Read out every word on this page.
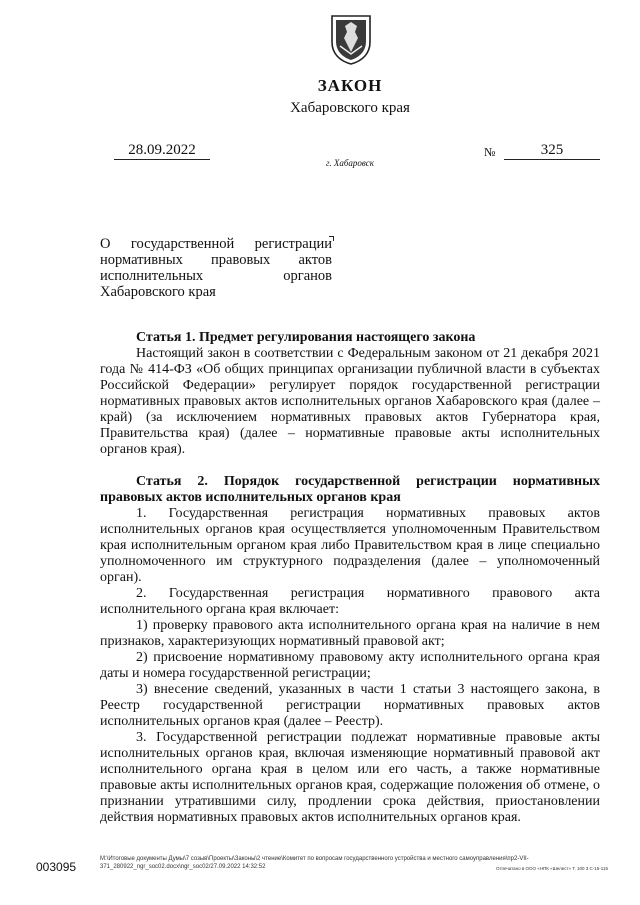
ЗАКОН
Хабаровского края
28.09.2022	№	325
г. Хабаровск
О государственной регистрации
нормативных правовых актов
исполнительных	органов
Хабаровского края
Статья 1. Предмет регулирования настоящего закона

Настоящий закон в соответствии с Федеральным законом от 21 декабря 2021 года № 414-ФЗ «Об общих принципах организации публичной власти в субъектах Российской Федерации» регулирует порядок государственной регистрации нормативных правовых актов исполнительных органов Хабаровского края (далее – край) (за исключением нормативных правовых актов Губернатора края, Правительства края) (далее – нормативные правовые акты исполнительных органов края).

Статья 2. Порядок государственной регистрации нормативных правовых актов исполнительных органов края

1. Государственная регистрация нормативных правовых актов исполнительных органов края осуществляется уполномоченным Правительством края исполнительным органом края либо Правительством края в лице специально уполномоченного им структурного подразделения (далее – уполномоченный орган).

2. Государственная регистрация нормативного правового акта исполнительного органа края включает:

1) проверку правового акта исполнительного органа края на наличие в нем признаков, характеризующих нормативный правовой акт;

2) присвоение нормативному правовому акту исполнительного органа края даты и номера государственной регистрации;

3) внесение сведений, указанных в части 1 статьи 3 настоящего закона, в Реестр государственной регистрации нормативных правовых актов исполнительных органов края (далее – Реестр).

3. Государственной регистрации подлежат нормативные правовые акты исполнительных органов края, включая изменяющие нормативный правовой акт исполнительного органа края в целом или его часть, а также нормативные правовые акты исполнительных органов края, содержащие положения об отмене, о признании утратившими силу, продлении срока действия, приостановлении действия нормативных правовых актов исполнительных органов края.

003095
M:\Итоговые документы Думы\7 созыв\Проекты\Законы\2 чтение\Комитет по вопросам государственного устройства и местного самоуправления\пр2-VII-371_280922_ngr_soc02.docx\ngr_soc02/27.09.2022 14:32:52	Отпечатано в ООО «НПК «Шелест» Т. 100 3 С-15-115
